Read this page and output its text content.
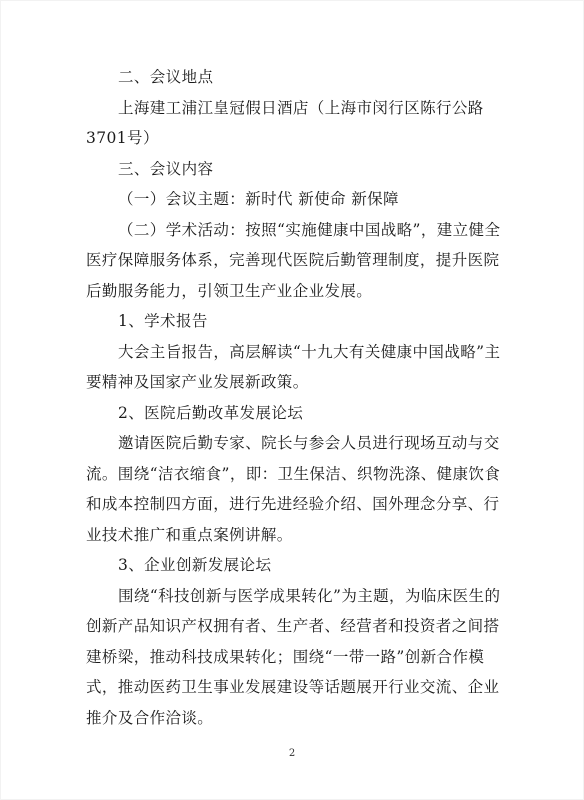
二、会议地点

上海建工浦江皇冠假日酒店（上海市闵行区陈行公路3701号）

三、会议内容

（一）会议主题：新时代 新使命 新保障

（二）学术活动：按照“实施健康中国战略”，建立健全医疗保障服务体系，完善现代医院后勤管理制度，提升医院后勤服务能力，引领卫生产业企业发展。

1、学术报告

大会主旨报告，高层解读“十九大有关健康中国战略”主要精神及国家产业发展新政策。

2、医院后勤改革发展论坛

邀请医院后勤专家、院长与参会人员进行现场互动与交流。围绕“洁衣缩食”，即：卫生保洁、织物洗涤、健康饮食和成本控制四方面，进行先进经验介绍、国外理念分享、行业技术推广和重点案例讲解。

3、企业创新发展论坛

围绕“科技创新与医学成果转化”为主题，为临床医生的创新产品知识产权拥有者、生产者、经营者和投资者之间搭建桥梁，推动科技成果转化；围绕“一带一路”创新合作模式，推动医药卫生事业发展建设等话题展开行业交流、企业推介及合作洽谈。

2
